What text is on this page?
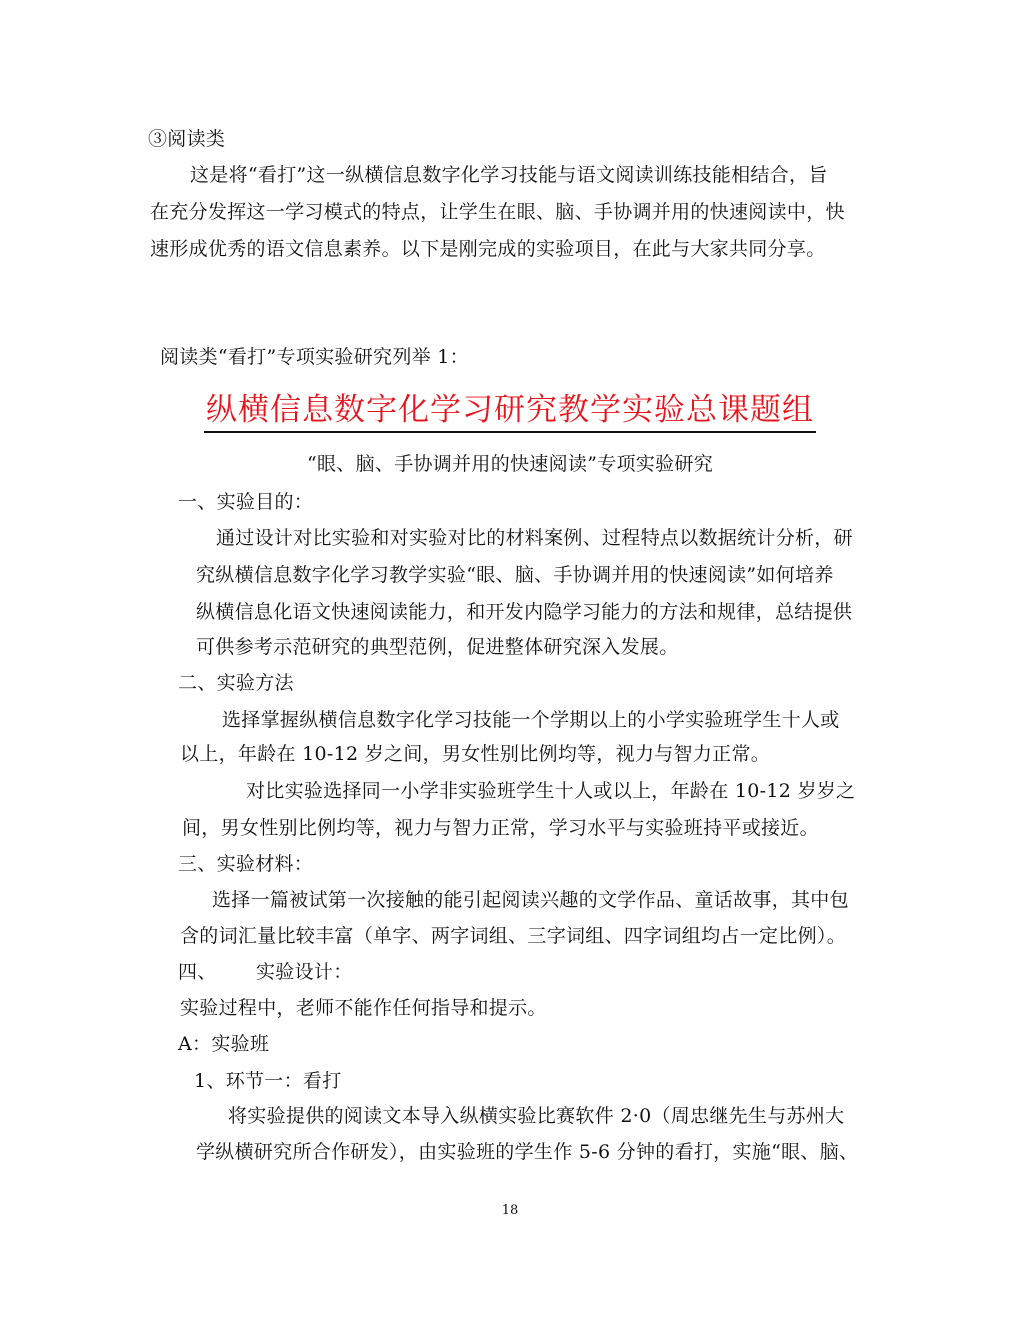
③阅读类
这是将“看打”这一纵横信息数字化学习技能与语文阅读训练技能相结合，旨
在充分发挥这一学习模式的特点，让学生在眼、脑、手协调并用的快速阅读中，快
速形成优秀的语文信息素养。以下是刚完成的实验项目，在此与大家共同分享。
阅读类“看打”专项实验研究列举 1：
纵横信息数字化学习研究教学实验总课题组
“眼、脑、手协调并用的快速阅读”专项实验研究
一、实验目的：
通过设计对比实验和对实验对比的材料案例、过程特点以数据统计分析，研
究纵横信息数字化学习教学实验“眼、脑、手协调并用的快速阅读”如何培养
纵横信息化语文快速阅读能力，和开发内隐学习能力的方法和规律，总结提供
可供参考示范研究的典型范例，促进整体研究深入发展。
二、实验方法
选择掌握纵横信息数字化学习技能一个学期以上的小学实验班学生十人或
以上，年龄在 10-12 岁之间，男女性别比例均等，视力与智力正常。
对比实验选择同一小学非实验班学生十人或以上，年龄在 10-12 岁岁之
间，男女性别比例均等，视力与智力正常，学习水平与实验班持平或接近。
三、实验材料：
选择一篇被试第一次接触的能引起阅读兴趣的文学作品、童话故事，其中包
含的词汇量比较丰富（单字、两字词组、三字词组、四字词组均占一定比例）。
四、 实验设计：
实验过程中，老师不能作任何指导和提示。
A：实验班
1、环节一：看打
将实验提供的阅读文本导入纵横实验比赛软件 2·0（周忠继先生与苏州大
学纵横研究所合作研发），由实验班的学生作 5-6 分钟的看打，实施“眼、脑、
18
